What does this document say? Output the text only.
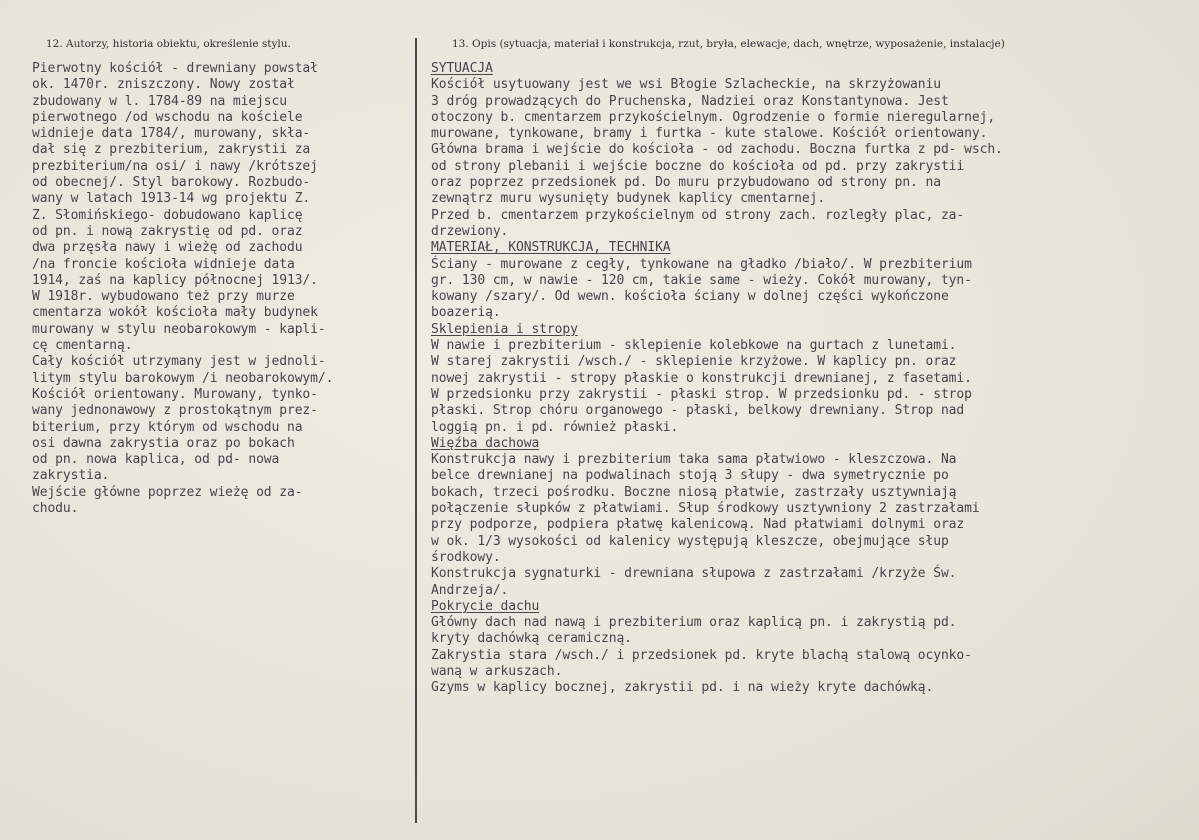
12. Autorzy, historia obiektu, określenie stylu.	13. Opis (sytuacja, materiał i konstrukcja, rzut, bryła, elewacje, dach, wnętrze, wyposażenie, instalacje)
Pierwotny kościół - drewniany powstał
ok. 1470r. zniszczony. Nowy został
zbudowany w l. 1784-89 na miejscu
pierwotnego /od wschodu na kościele
widnieje data 1784/, murowany, skła-
dał się z prezbiterium, zakrystii za
prezbiterium/na osi/ i nawy /krótszej
od obecnej/. Styl barokowy. Rozbudo-
wany w latach 1913-14 wg projektu Z.
Z. Słomińskiego- dobudowano kaplicę
od pn. i nową zakrystię od pd. oraz
dwa przęsła nawy i wieżę od zachodu
/na froncie kościoła widnieje data
1914, zaś na kaplicy północnej 1913/.
W 1918r. wybudowano też przy murze
cmentarza wokół kościoła mały budynek
murowany w stylu neobarokowym - kapli-
cę cmentarną.
Cały kościół utrzymany jest w jednoli-
litym stylu barokowym /i neobarokowym/.
Kościół orientowany. Murowany, tynko-
wany jednonawowy z prostokątnym prez-
biterium, przy którym od wschodu na
osi dawna zakrystia oraz po bokach
od pn. nowa kaplica, od pd- nowa
zakrystia.
Wejście główne poprzez wieżę od za-
chodu.
SYTUACJA
Kościół usytuowany jest we wsi Błogie Szlacheckie, na skrzyżowaniu
3 dróg prowadzących do Pruchenska, Nadziei oraz Konstantynowa. Jest
otoczony b. cmentarzem przykościelnym. Ogrodzenie o formie nieregularnej,
murowane, tynkowane, bramy i furtka - kute stalowe. Kościół orientowany.
Główna brama i wejście do kościoła - od zachodu. Boczna furtka z pd- wsch.
od strony plebanii i wejście boczne do kościoła od pd. przy zakrystii
oraz poprzez przedsionek pd. Do muru przybudowano od strony pn. na
zewnątrz muru wysunięty budynek kaplicy cmentarnej.
Przed b. cmentarzem przykościelnym od strony zach. rozległy plac, za-
drzewiony.
MATERIAŁ, KONSTRUKCJA, TECHNIKA
Ściany - murowane z cegły, tynkowane na gładko /biało/. W prezbiterium
gr. 130 cm, w nawie - 120 cm, takie same - wieży. Cokół murowany, tyn-
kowany /szary/. Od wewn. kościoła ściany w dolnej części wykończone
boazerią.
Sklepienia i stropy
W nawie i prezbiterium - sklepienie kolebkowe na gurtach z lunetami.
W starej zakrystii /wsch./ - sklepienie krzyżowe. W kaplicy pn. oraz
nowej zakrystii - stropy płaskie o konstrukcji drewnianej, z fasetami.
W przedsionku przy zakrystii - płaski strop. W przedsionku pd. - strop
płaski. Strop chóru organowego - płaski, belkowy drewniany. Strop nad
loggią pn. i pd. również płaski.
Więźba dachowa
Konstrukcja nawy i prezbiterium taka sama płatwiowo - kleszczowa. Na
belce drewnianej na podwalinach stoją 3 słupy - dwa symetrycznie po
bokach, trzeci pośrodku. Boczne niosą płatwie, zastrzały usztywniają
połączenie słupków z płatwiami. Słup środkowy usztywniony 2 zastrzałami
przy podporze, podpiera płatwę kalenicową. Nad płatwiami dolnymi oraz
w ok. 1/3 wysokości od kalenicy występują kleszcze, obejmujące słup
środkowy.
Konstrukcja sygnaturki - drewniana słupowa z zastrzałami /krzyże Św.
Andrzeja/.
Pokrycie dachu
Główny dach nad nawą i prezbiterium oraz kaplicą pn. i zakrystią pd.
kryty dachówką ceramiczną.
Zakrystia stara /wsch./ i przedsionek pd. kryte blachą stalową ocynko-
waną w arkuszach.
Gzyms w kaplicy bocznej, zakrystii pd. i na wieży kryte dachówką.
